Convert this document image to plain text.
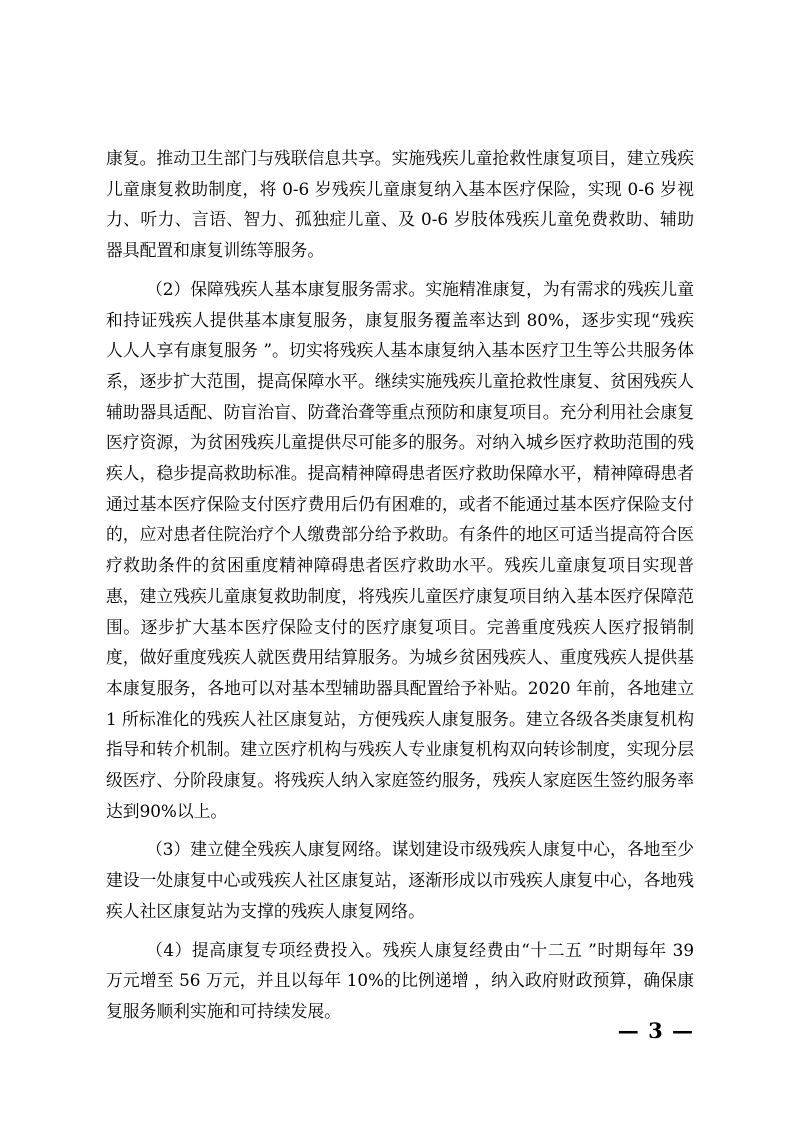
康复。推动卫生部门与残联信息共享。实施残疾儿童抢救性康复项目，建立残疾儿童康复救助制度，将 0-6 岁残疾儿童康复纳入基本医疗保险，实现 0-6 岁视力、听力、言语、智力、孤独症儿童、及 0-6 岁肢体残疾儿童免费救助、辅助器具配置和康复训练等服务。

（2）保障残疾人基本康复服务需求。实施精准康复，为有需求的残疾儿童和持证残疾人提供基本康复服务，康复服务覆盖率达到 80%，逐步实现“残疾人人人享有康复服务 ”。切实将残疾人基本康复纳入基本医疗卫生等公共服务体系，逐步扩大范围，提高保障水平。继续实施残疾儿童抢救性康复、贫困残疾人辅助器具适配、防盲治盲、防聋治聋等重点预防和康复项目。充分利用社会康复医疗资源，为贫困残疾儿童提供尽可能多的服务。对纳入城乡医疗救助范围的残疾人，稳步提高救助标准。提高精神障碍患者医疗救助保障水平，精神障碍患者通过基本医疗保险支付医疗费用后仍有困难的，或者不能通过基本医疗保险支付的，应对患者住院治疗个人缴费部分给予救助。有条件的地区可适当提高符合医疗救助条件的贫困重度精神障碍患者医疗救助水平。残疾儿童康复项目实现普惠，建立残疾儿童康复救助制度，将残疾儿童医疗康复项目纳入基本医疗保障范围。逐步扩大基本医疗保险支付的医疗康复项目。完善重度残疾人医疗报销制度，做好重度残疾人就医费用结算服务。为城乡贫困残疾人、重度残疾人提供基本康复服务，各地可以对基本型辅助器具配置给予补贴。2020 年前，各地建立 1 所标准化的残疾人社区康复站，方便残疾人康复服务。建立各级各类康复机构指导和转介机制。建立医疗机构与残疾人专业康复机构双向转诊制度，实现分层级医疗、分阶段康复。将残疾人纳入家庭签约服务，残疾人家庭医生签约服务率达到90%以上。

（3）建立健全残疾人康复网络。谋划建设市级残疾人康复中心，各地至少建设一处康复中心或残疾人社区康复站，逐渐形成以市残疾人康复中心，各地残疾人社区康复站为支撑的残疾人康复网络。

（4）提高康复专项经费投入。残疾人康复经费由“十二五 ”时期每年 39 万元增至 56 万元，并且以每年 10%的比例递增 ，纳入政府财政预算，确保康复服务顺利实施和可持续发展。

— 3 —
